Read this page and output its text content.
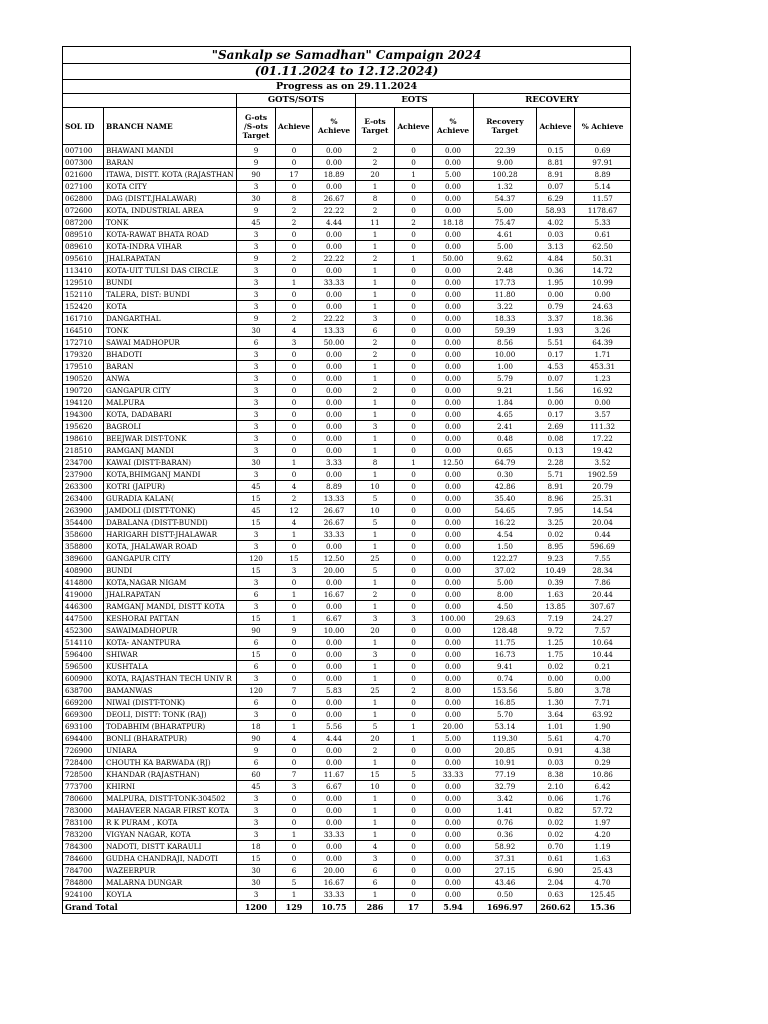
"Sankalp se Samadhan" Campaign 2024										
(01.11.2024 to 12.12.2024)										
Progress as on 29.11.2024										
		GOTS/SOTS			EOTS			RECOVERY		
SOL ID	BRANCH NAME	G-ots /S-ots Target	Achieve	% Achieve	E-ots Target	Achieve	% Achieve	Recovery Target	Achieve	% Achieve
007100	BHAWANI MANDI	9	0	0.00	2	0	0.00	22.39	0.15	0.69
007300	BARAN	9	0	0.00	2	0	0.00	9.00	8.81	97.91
021600	ITAWA, DISTT. KOTA (RAJASTHAN	90	17	18.89	20	1	5.00	100.28	8.91	8.89
027100	KOTA CITY	3	0	0.00	1	0	0.00	1.32	0.07	5.14
062800	DAG (DISTT.JHALAWAR)	30	8	26.67	8	0	0.00	54.37	6.29	11.57
072600	KOTA, INDUSTRIAL AREA	9	2	22.22	2	0	0.00	5.00	58.93	1178.67
087200	TONK	45	2	4.44	11	2	18.18	75.47	4.02	5.33
089510	KOTA-RAWAT BHATA ROAD	3	0	0.00	1	0	0.00	4.61	0.03	0.61
089610	KOTA-INDRA VIHAR	3	0	0.00	1	0	0.00	5.00	3.13	62.50
095610	JHALRAPATAN	9	2	22.22	2	1	50.00	9.62	4.84	50.31
113410	KOTA-UIT TULSI DAS CIRCLE	3	0	0.00	1	0	0.00	2.48	0.36	14.72
129510	BUNDI	3	1	33.33	1	0	0.00	17.73	1.95	10.99
152110	TALERA, DIST: BUNDI	3	0	0.00	1	0	0.00	11.80	0.00	0.00
152420	KOTA	3	0	0.00	1	0	0.00	3.22	0.79	24.63
161710	DANGARTHAL	9	2	22.22	3	0	0.00	18.33	3.37	18.36
164510	TONK	30	4	13.33	6	0	0.00	59.39	1.93	3.26
172710	SAWAI MADHOPUR	6	3	50.00	2	0	0.00	8.56	5.51	64.39
179320	BHADOTI	3	0	0.00	2	0	0.00	10.00	0.17	1.71
179510	BARAN	3	0	0.00	1	0	0.00	1.00	4.53	453.31
190520	ANWA	3	0	0.00	1	0	0.00	5.79	0.07	1.23
190720	GANGAPUR CITY	3	0	0.00	2	0	0.00	9.21	1.56	16.92
194120	MALPURA	3	0	0.00	1	0	0.00	1.84	0.00	0.00
194300	KOTA, DADABARI	3	0	0.00	1	0	0.00	4.65	0.17	3.57
195620	BAGROLI	3	0	0.00	3	0	0.00	2.41	2.69	111.32
198610	BEEJWAR DIST-TONK	3	0	0.00	1	0	0.00	0.48	0.08	17.22
218510	RAMGANJ MANDI	3	0	0.00	1	0	0.00	0.65	0.13	19.42
234700	KAWAI (DISTT-BARAN)	30	1	3.33	8	1	12.50	64.79	2.28	3.52
237900	KOTA,BHIMGANJ MANDI	3	0	0.00	1	0	0.00	0.30	5.71	1902.59
263300	KOTRI (JAIPUR)	45	4	8.89	10	0	0.00	42.86	8.91	20.79
263400	GURADIA KALAN(	15	2	13.33	5	0	0.00	35.40	8.96	25.31
263900	JAMDOLI (DISTT-TONK)	45	12	26.67	10	0	0.00	54.65	7.95	14.54
354400	DABALANA (DISTT-BUNDI)	15	4	26.67	5	0	0.00	16.22	3.25	20.04
358600	HARIGARH DISTT-JHALAWAR	3	1	33.33	1	0	0.00	4.54	0.02	0.44
358800	KOTA, JHALAWAR ROAD	3	0	0.00	1	0	0.00	1.50	8.95	596.69
389600	GANGAPUR CITY	120	15	12.50	25	0	0.00	122.27	9.23	7.55
408900	BUNDI	15	3	20.00	5	0	0.00	37.02	10.49	28.34
414800	KOTA,NAGAR NIGAM	3	0	0.00	1	0	0.00	5.00	0.39	7.86
419000	JHALRAPATAN	6	1	16.67	2	0	0.00	8.00	1.63	20.44
446300	RAMGANJ MANDI, DISTT KOTA	3	0	0.00	1	0	0.00	4.50	13.85	307.67
447500	KESHORAI PATTAN	15	1	6.67	3	3	100.00	29.63	7.19	24.27
452300	SAWAIMADHOPUR	90	9	10.00	20	0	0.00	128.48	9.72	7.57
514110	KOTA- ANANTPURA	6	0	0.00	1	0	0.00	11.75	1.25	10.64
596400	SHIWAR	15	0	0.00	3	0	0.00	16.73	1.75	10.44
596500	KUSHTALA	6	0	0.00	1	0	0.00	9.41	0.02	0.21
600900	KOTA, RAJASTHAN TECH UNIV R	3	0	0.00	1	0	0.00	0.74	0.00	0.00
638700	BAMANWAS	120	7	5.83	25	2	8.00	153.56	5.80	3.78
669200	NIWAI (DISTT-TONK)	6	0	0.00	1	0	0.00	16.85	1.30	7.71
669300	DEOLI, DISTT: TONK (RAJ)	3	0	0.00	1	0	0.00	5.70	3.64	63.92
693100	TODABHIM (BHARATPUR)	18	1	5.56	5	1	20.00	53.14	1.01	1.90
694400	BONLI (BHARATPUR)	90	4	4.44	20	1	5.00	119.30	5.61	4.70
726900	UNIARA	9	0	0.00	2	0	0.00	20.85	0.91	4.38
728400	CHOUTH KA BARWADA (RJ)	6	0	0.00	1	0	0.00	10.91	0.03	0.29
728500	KHANDAR (RAJASTHAN)	60	7	11.67	15	5	33.33	77.19	8.38	10.86
773700	KHIRNI	45	3	6.67	10	0	0.00	32.79	2.10	6.42
780600	MALPURA, DISTT-TONK-304502	3	0	0.00	1	0	0.00	3.42	0.06	1.76
783000	MAHAVEER NAGAR FIRST KOTA	3	0	0.00	1	0	0.00	1.41	0.82	57.72
783100	R K PURAM , KOTA	3	0	0.00	1	0	0.00	0.76	0.02	1.97
783200	VIGYAN NAGAR, KOTA	3	1	33.33	1	0	0.00	0.36	0.02	4.20
784300	NADOTI, DISTT KARAULI	18	0	0.00	4	0	0.00	58.92	0.70	1.19
784600	GUDHA CHANDRAJI, NADOTI	15	0	0.00	3	0	0.00	37.31	0.61	1.63
784700	WAZEERPUR	30	6	20.00	6	0	0.00	27.15	6.90	25.43
784800	MALARNA DUNGAR	30	5	16.67	6	0	0.00	43.46	2.04	4.70
924100	KOYLA	3	1	33.33	1	0	0.00	0.50	0.63	125.45
Grand Total		1200	129	10.75	286	17	5.94	1696.97	260.62	15.36
